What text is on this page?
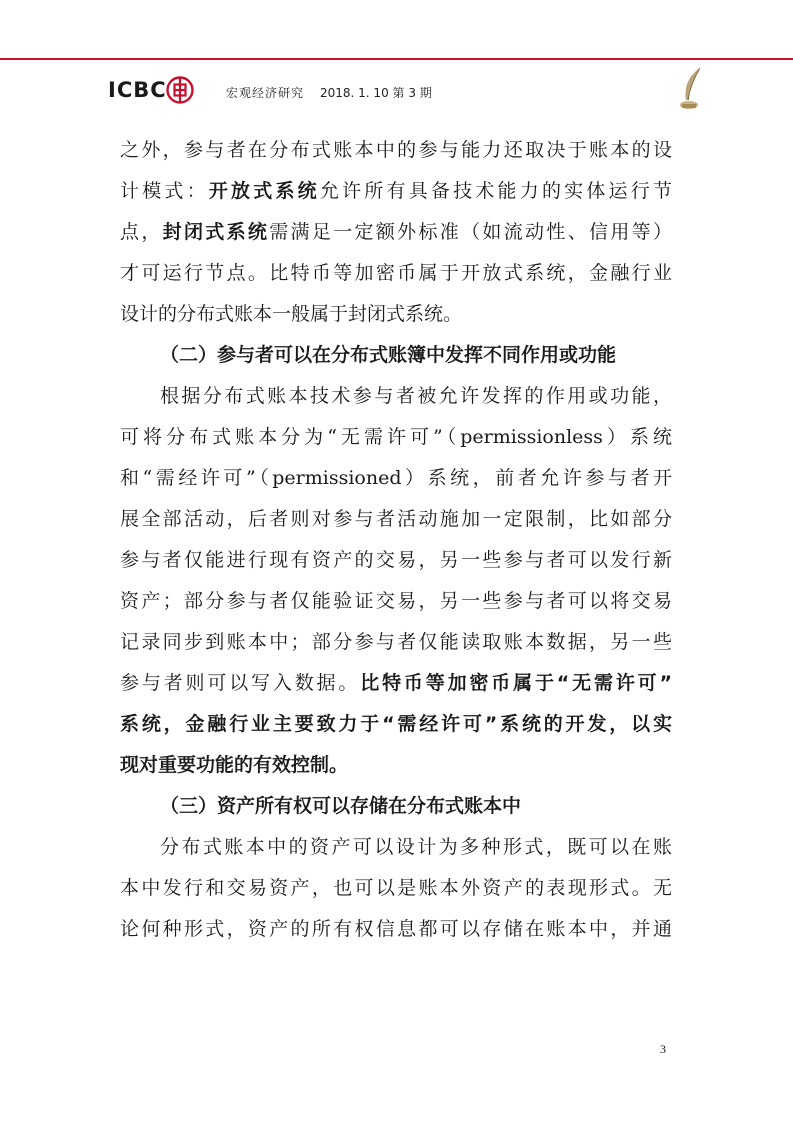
ICBC	宏观经济研究 2018. 1. 10 第 3 期
之外，参与者在分布式账本中的参与能力还取决于账本的设
计模式：开放式系统允许所有具备技术能力的实体运行节
点，封闭式系统需满足一定额外标准（如流动性、信用等）
才可运行节点。比特币等加密币属于开放式系统，金融行业
设计的分布式账本一般属于封闭式系统。
（二）参与者可以在分布式账簿中发挥不同作用或功能
根据分布式账本技术参与者被允许发挥的作用或功能，
可将分布式账本分为“无需许可”（permissionless）系统
和“需经许可”（permissioned）系统，前者允许参与者开
展全部活动，后者则对参与者活动施加一定限制，比如部分
参与者仅能进行现有资产的交易，另一些参与者可以发行新
资产；部分参与者仅能验证交易，另一些参与者可以将交易
记录同步到账本中；部分参与者仅能读取账本数据，另一些
参与者则可以写入数据。比特币等加密币属于“无需许可”
系统，金融行业主要致力于“需经许可”系统的开发，以实
现对重要功能的有效控制。
（三）资产所有权可以存储在分布式账本中
分布式账本中的资产可以设计为多种形式，既可以在账
本中发行和交易资产，也可以是账本外资产的表现形式。无
论何种形式，资产的所有权信息都可以存储在账本中，并通
3
